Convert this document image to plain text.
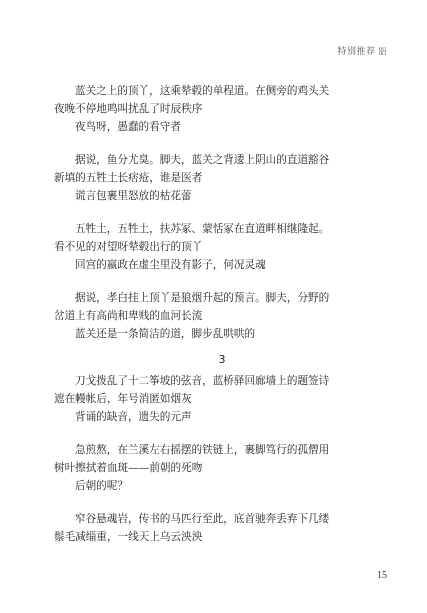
特别推荐 㗊
蓝关之上的顶丫，这乘辇毂的单程道。在侧旁的鸡头关
夜晚不停地鸣叫扰乱了时辰秩序
夜鸟呀，愚蠢的看守者
据说，鱼分尤臭。脚夫，蓝关之背逶上阴山的直道豁谷
新填的五牲土长痞疮，谁是医者
谎言包裹里怒放的枯花蕾
五牲土，五牲土，扶苏冢、蒙恬冢在直道畔相继隆起。
看不见的对望呀辇毂出行的顶丫
回宫的嬴政在虚尘里没有影子，何况灵魂
据说，孝白挂上顶丫是狼烟升起的预言。脚夫，分野的
岔道上有高尚和卑贱的血河长流
蓝关还是一条简洁的道，脚步乱哄哄的
3
刀戈拨乱了十二筝坡的弦音，蓝桥驿回廊墙上的题签诗
遮在幔帐后，年号消匿如烟灰
背诵的缺音，遗失的元声
急煎熬，在兰溪左右摇摆的铁链上，裹脚笃行的孤僧用
树叶擦拭着血斑——前朝的死吻
后朝的呢？
窄谷悬魂岩，传书的马匹行至此，底首驰奔丢弃下几缕
鬃毛减缁重，一线天上乌云泱泱
15
